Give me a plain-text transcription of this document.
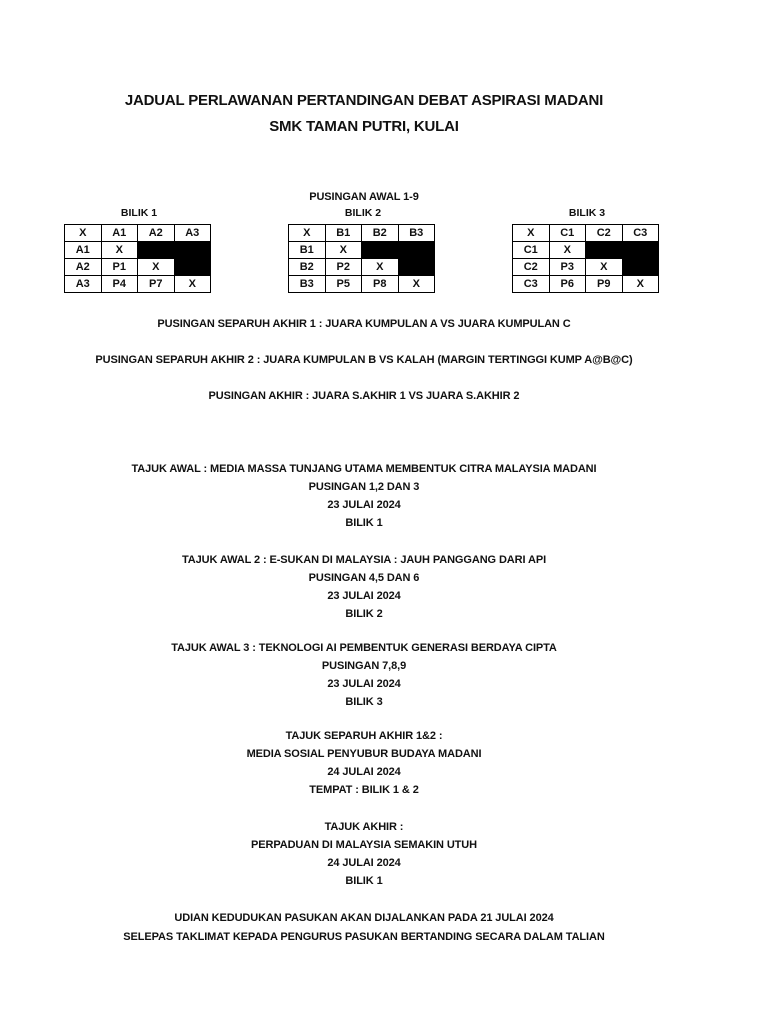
JADUAL PERLAWANAN PERTANDINGAN DEBAT ASPIRASI MADANI
SMK TAMAN PUTRI, KULAI
PUSINGAN AWAL 1-9
BILIK 1
X	A1	A2	A3
A1	X		
A2	P1	X	
A3	P4	P7	X
BILIK 2
X	B1	B2	B3
B1	X		
B2	P2	X	
B3	P5	P8	X
BILIK 3
X	C1	C2	C3
C1	X		
C2	P3	X	
C3	P6	P9	X
PUSINGAN SEPARUH AKHIR 1 : JUARA KUMPULAN A VS JUARA KUMPULAN C
PUSINGAN SEPARUH AKHIR 2 : JUARA KUMPULAN B VS KALAH (MARGIN TERTINGGI KUMP A@B@C)
PUSINGAN AKHIR : JUARA S.AKHIR 1 VS JUARA S.AKHIR 2

TAJUK AWAL : MEDIA MASSA TUNJANG UTAMA MEMBENTUK CITRA MALAYSIA MADANI

PUSINGAN 1,2 DAN 3

23 JULAI 2024

BILIK 1

TAJUK AWAL 2 : E-SUKAN DI MALAYSIA : JAUH PANGGANG DARI API

PUSINGAN 4,5 DAN 6

23 JULAI 2024

BILIK 2

TAJUK AWAL 3 : TEKNOLOGI AI PEMBENTUK GENERASI BERDAYA CIPTA

PUSINGAN 7,8,9

23 JULAI 2024

BILIK 3

TAJUK SEPARUH AKHIR 1&2 :

MEDIA SOSIAL PENYUBUR BUDAYA MADANI

24 JULAI 2024

TEMPAT : BILIK 1 & 2

TAJUK AKHIR :

PERPADUAN DI MALAYSIA SEMAKIN UTUH

24 JULAI 2024

BILIK 1

UDIAN KEDUDUKAN PASUKAN AKAN DIJALANKAN PADA 21 JULAI 2024

SELEPAS TAKLIMAT KEPADA PENGURUS PASUKAN BERTANDING SECARA DALAM TALIAN
